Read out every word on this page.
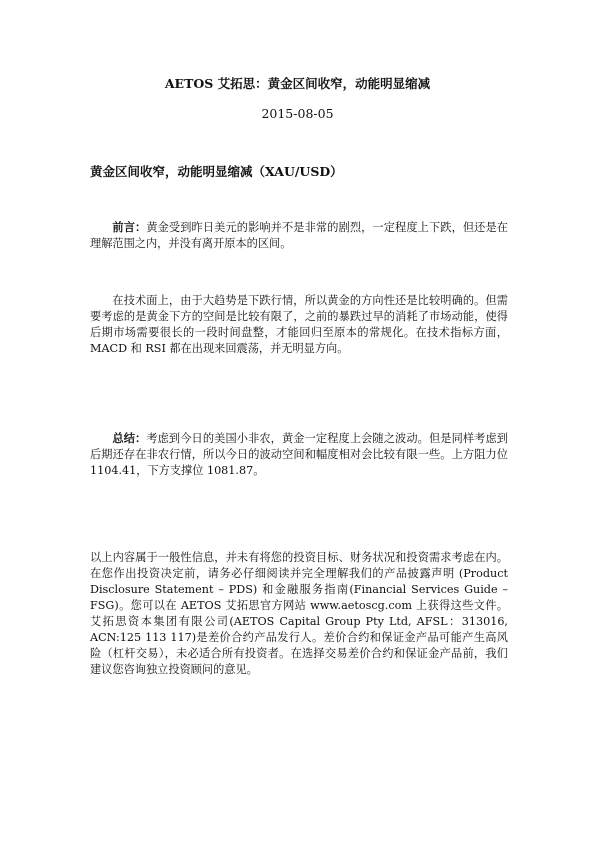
AETOS 艾拓思：黄金区间收窄，动能明显缩减
2015-08-05
黄金区间收窄，动能明显缩减（XAU/USD）

前言：黄金受到昨日美元的影响并不是非常的剧烈，一定程度上下跌，但还是在理解范围之内，并没有离开原本的区间。

在技术面上，由于大趋势是下跌行情，所以黄金的方向性还是比较明确的。但需要考虑的是黄金下方的空间是比较有限了，之前的暴跌过早的消耗了市场动能，使得后期市场需要很长的一段时间盘整，才能回归至原本的常规化。在技术指标方面，MACD 和 RSI 都在出现来回震荡，并无明显方向。

总结：考虑到今日的美国小非农，黄金一定程度上会随之波动。但是同样考虑到后期还存在非农行情，所以今日的波动空间和幅度相对会比较有限一些。上方阻力位 1104.41，下方支撑位 1081.87。

以上内容属于一般性信息，并未有将您的投资目标、财务状况和投资需求考虑在内。在您作出投资决定前，请务必仔细阅读并完全理解我们的产品披露声明 (Product Disclosure Statement – PDS) 和金融服务指南(Financial Services Guide – FSG)。您可以在 AETOS 艾拓思官方网站 www.aetoscg.com 上获得这些文件。艾拓思资本集团有限公司(AETOS Capital Group Pty Ltd, AFSL：313016, ACN:125 113 117)是差价合约产品发行人。差价合约和保证金产品可能产生高风险（杠杆交易），未必适合所有投资者。在选择交易差价合约和保证金产品前，我们建议您咨询独立投资顾问的意见。
